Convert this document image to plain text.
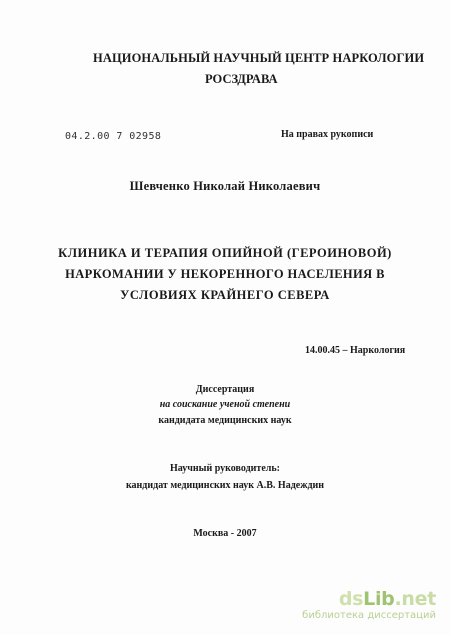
НАЦИОНАЛЬНЫЙ НАУЧНЫЙ ЦЕНТР НАРКОЛОГИИ
РОСЗДРАВА
04.2.00 7 02958	На правах рукописи
Шевченко Николай Николаевич
КЛИНИКА И ТЕРАПИЯ ОПИЙНОЙ (ГЕРОИНОВОЙ)
НАРКОМАНИИ У НЕКОРЕННОГО НАСЕЛЕНИЯ В
УСЛОВИЯХ КРАЙНЕГО СЕВЕРА
14.00.45 – Наркология
Диссертация
на соискание ученой степени
кандидата медицинских наук
Научный руководитель:
кандидат медицинских наук А.В. Надеждин
Москва - 2007
dsLib.net
библиотека диссертаций
